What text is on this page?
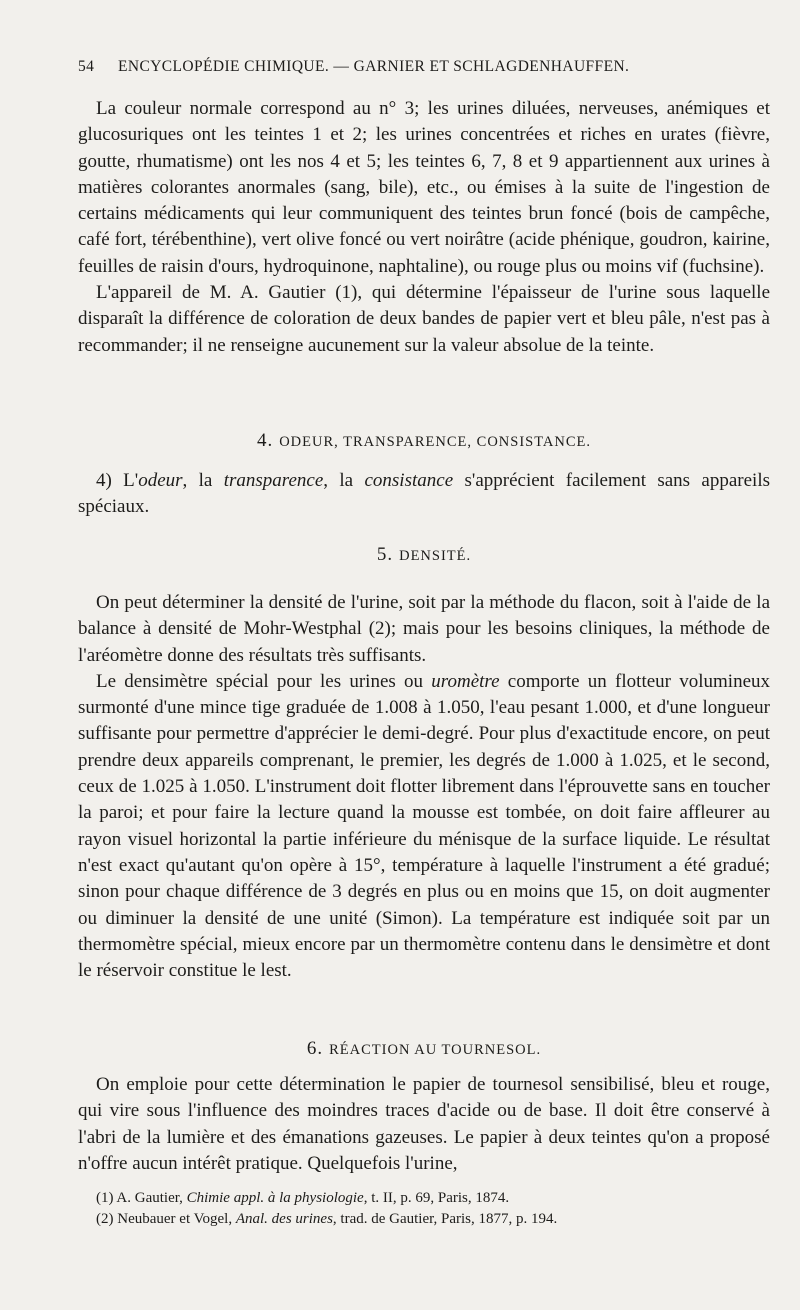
54 ENCYCLOPÉDIE CHIMIQUE. — GARNIER ET SCHLAGDENHAUFFEN.

La couleur normale correspond au n° 3; les urines diluées, nerveuses, anémiques et glucosuriques ont les teintes 1 et 2; les urines concentrées et riches en urates (fièvre, goutte, rhumatisme) ont les nos 4 et 5; les teintes 6, 7, 8 et 9 appartiennent aux urines à matières colorantes anormales (sang, bile), etc., ou émises à la suite de l'ingestion de certains médicaments qui leur communiquent des teintes brun foncé (bois de campêche, café fort, térébenthine), vert olive foncé ou vert noirâtre (acide phénique, goudron, kairine, feuilles de raisin d'ours, hydroquinone, naphtaline), ou rouge plus ou moins vif (fuchsine).

L'appareil de M. A. Gautier (1), qui détermine l'épaisseur de l'urine sous laquelle disparaît la différence de coloration de deux bandes de papier vert et bleu pâle, n'est pas à recommander; il ne renseigne aucunement sur la valeur absolue de la teinte.

4. ODEUR, TRANSPARENCE, CONSISTANCE.

4) L'odeur, la transparence, la consistance s'apprécient facilement sans appareils spéciaux.

5. DENSITÉ.

On peut déterminer la densité de l'urine, soit par la méthode du flacon, soit à l'aide de la balance à densité de Mohr-Westphal (2); mais pour les besoins cliniques, la méthode de l'aréomètre donne des résultats très suffisants.

Le densimètre spécial pour les urines ou uromètre comporte un flotteur volumineux surmonté d'une mince tige graduée de 1.008 à 1.050, l'eau pesant 1.000, et d'une longueur suffisante pour permettre d'apprécier le demi-degré. Pour plus d'exactitude encore, on peut prendre deux appareils comprenant, le premier, les degrés de 1.000 à 1.025, et le second, ceux de 1.025 à 1.050. L'instrument doit flotter librement dans l'éprouvette sans en toucher la paroi; et pour faire la lecture quand la mousse est tombée, on doit faire affleurer au rayon visuel horizontal la partie inférieure du ménisque de la surface liquide. Le résultat n'est exact qu'autant qu'on opère à 15°, température à laquelle l'instrument a été gradué; sinon pour chaque différence de 3 degrés en plus ou en moins que 15, on doit augmenter ou diminuer la densité de une unité (Simon). La température est indiquée soit par un thermomètre spécial, mieux encore par un thermomètre contenu dans le densimètre et dont le réservoir constitue le lest.

6. RÉACTION AU TOURNESOL.

On emploie pour cette détermination le papier de tournesol sensibilisé, bleu et rouge, qui vire sous l'influence des moindres traces d'acide ou de base. Il doit être conservé à l'abri de la lumière et des émanations gazeuses. Le papier à deux teintes qu'on a proposé n'offre aucun intérêt pratique. Quelquefois l'urine,

(1) A. Gautier, Chimie appl. à la physiologie, t. II, p. 69, Paris, 1874.
(2) Neubauer et Vogel, Anal. des urines, trad. de Gautier, Paris, 1877, p. 194.
